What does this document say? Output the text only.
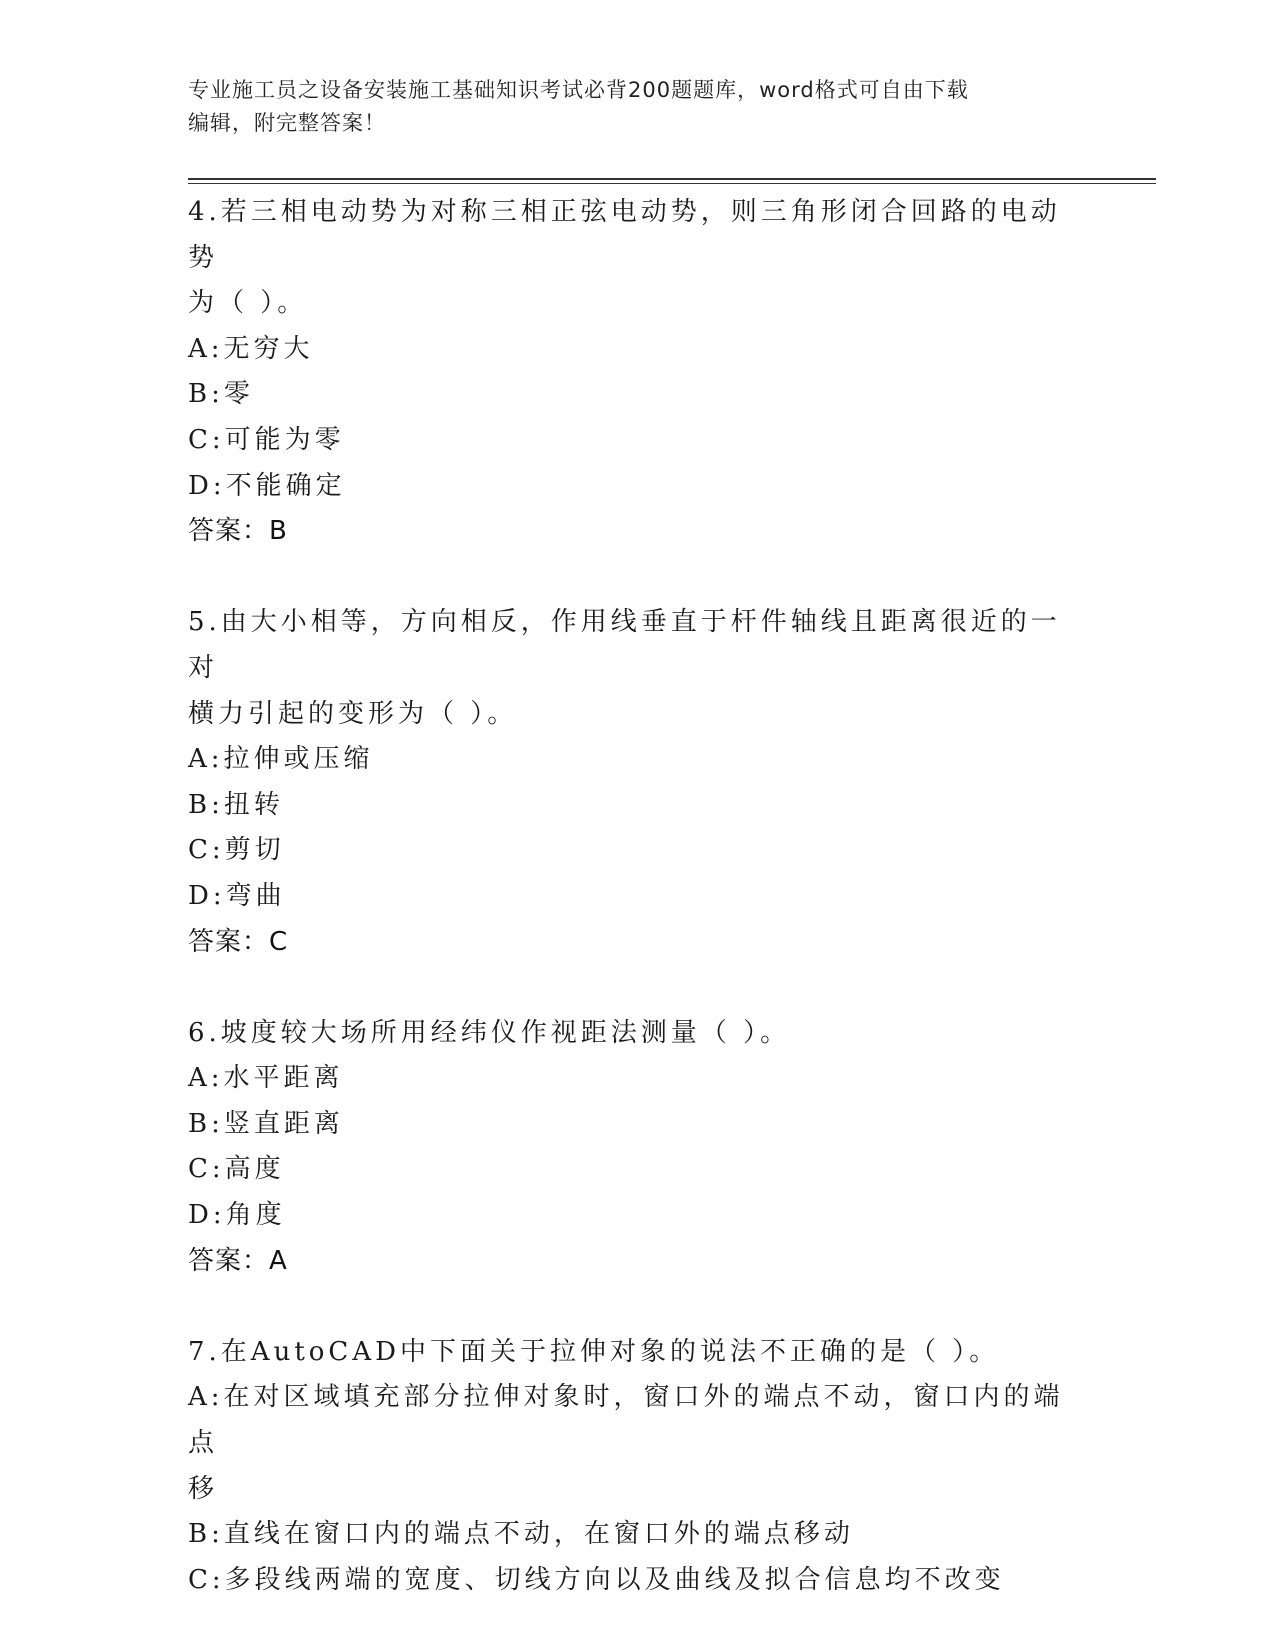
专业施工员之设备安装施工基础知识考试必背200题题库，word格式可自由下载
编辑，附完整答案！

4.若三相电动势为对称三相正弦电动势，则三角形闭合回路的电动势

为（ ）。

A:无穷大

B:零

C:可能为零

D:不能确定

答案：B

5.由大小相等，方向相反，作用线垂直于杆件轴线且距离很近的一对

横力引起的变形为（ ）。

A:拉伸或压缩

B:扭转

C:剪切

D:弯曲

答案：C

6.坡度较大场所用经纬仪作视距法测量（ ）。

A:水平距离

B:竖直距离

C:高度

D:角度

答案：A

7.在AutoCAD中下面关于拉伸对象的说法不正确的是（ ）。

A:在对区域填充部分拉伸对象时，窗口外的端点不动，窗口内的端点

移

B:直线在窗口内的端点不动，在窗口外的端点移动

C:多段线两端的宽度、切线方向以及曲线及拟合信息均不改变
